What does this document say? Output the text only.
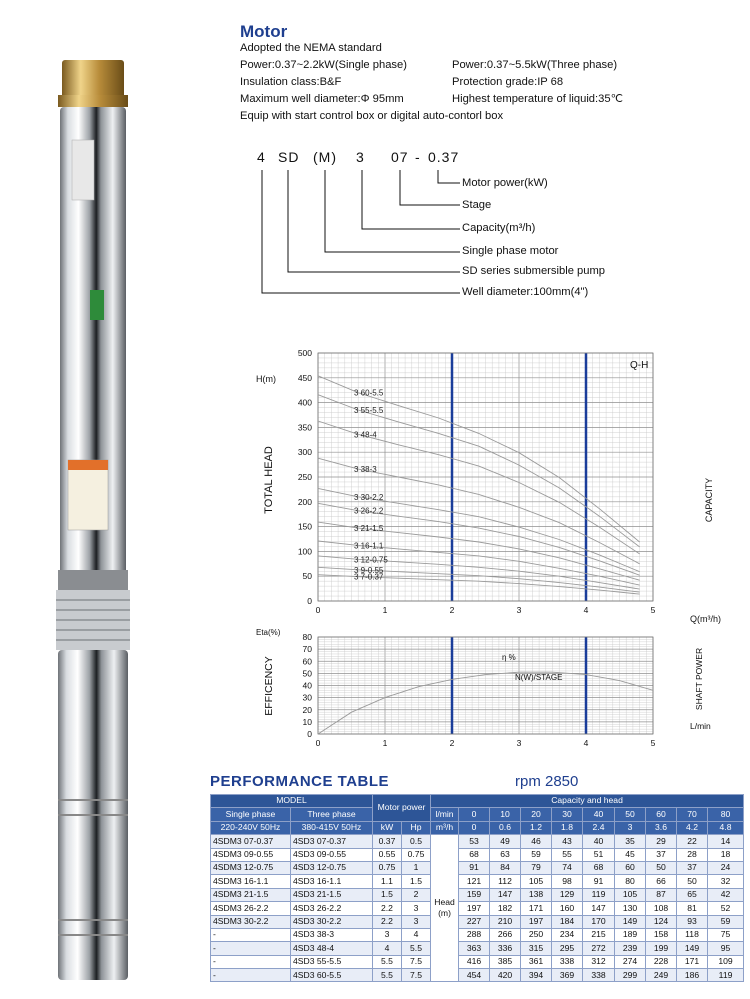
Motor
Adopted the NEMA standard
Power:0.37~2.2kW(Single phase)
Insulation class:B&F
Maximum well diameter:Φ 95mm
Equip with start control box or digital auto-contorl box
Power:0.37~5.5kW(Three phase)
Protection grade:IP 68
Highest temperature of liquid:35℃
4 SD (M) 3 07 - 0.37
Motor power(kW)
Stage
Capacity(m³/h)
Single phase motor
SD series submersible pump
Well diameter:100mm(4")
0	1	2	3	4	5
0
50
100
150
200
250
300
350
400
450
500
3 60-5.5
3 55-5.5
3 48-4
3 38-3
3 30-2.2
3 26-2.2
3 21-1.5
3 16-1.1
3 12-0.75
3 9-0.55
3 7-0.37
Q-H
H(m)
Q(m³/h)
TOTAL HEAD	CAPACITY
0	1	2	3	4	5
0
10
20
30
40
50
60
70
80
Eta(%)
L/min
EFFICENCY	SHAFT POWER
η %
N(W)/STAGE
PERFORMANCE TABLE	rpm 2850
MODEL		Motor power		Capacity and head									
Single phase	Three phase			l/min	0	10	20	30	40	50	60	70	80
220-240V 50Hz	380-415V 50Hz	kW	Hp	m³/h	0	0.6	1.2	1.8	2.4	3	3.6	4.2	4.8
4SDM3 07-0.37	4SD3 07-0.37	0.37	0.5	Head (m)	53	49	46	43	40	35	29	22	14
4SDM3 09-0.55	4SD3 09-0.55	0.55	0.75		68	63	59	55	51	45	37	28	18
4SDM3 12-0.75	4SD3 12-0.75	0.75	1		91	84	79	74	68	60	50	37	24
4SDM3 16-1.1	4SD3 16-1.1	1.1	1.5		121	112	105	98	91	80	66	50	32
4SDM3 21-1.5	4SD3 21-1.5	1.5	2		159	147	138	129	119	105	87	65	42
4SDM3 26-2.2	4SD3 26-2.2	2.2	3		197	182	171	160	147	130	108	81	52
4SDM3 30-2.2	4SD3 30-2.2	2.2	3		227	210	197	184	170	149	124	93	59
-	4SD3 38-3	3	4		288	266	250	234	215	189	158	118	75
-	4SD3 48-4	4	5.5		363	336	315	295	272	239	199	149	95
-	4SD3 55-5.5	5.5	7.5		416	385	361	338	312	274	228	171	109
-	4SD3 60-5.5	5.5	7.5		454	420	394	369	338	299	249	186	119
